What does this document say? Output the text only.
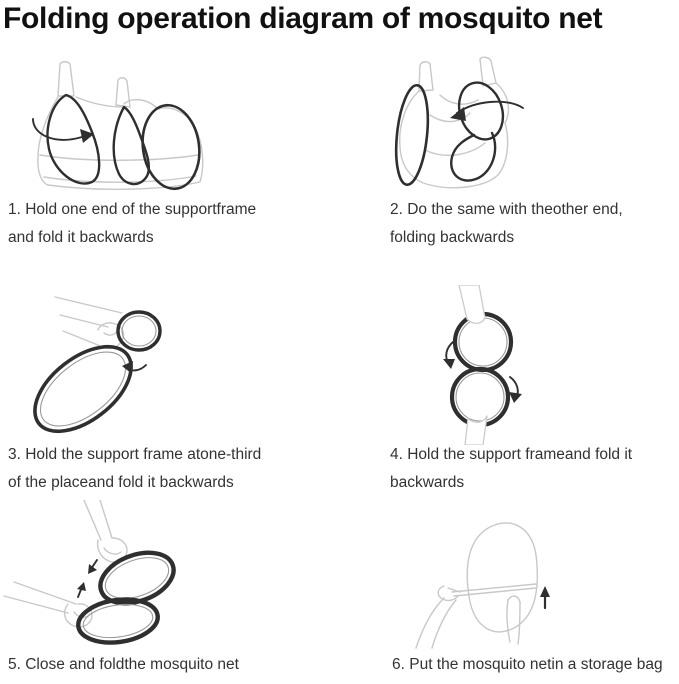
Folding operation diagram of mosquito net
1. Hold one end of the supportframe
and fold it backwards
2. Do the same with theother end,
folding backwards
3. Hold the support frame atone-third
of the placeand fold it backwards
4. Hold the support frameand fold it
backwards
5. Close and foldthe mosquito net	6. Put the mosquito netin a storage bag
